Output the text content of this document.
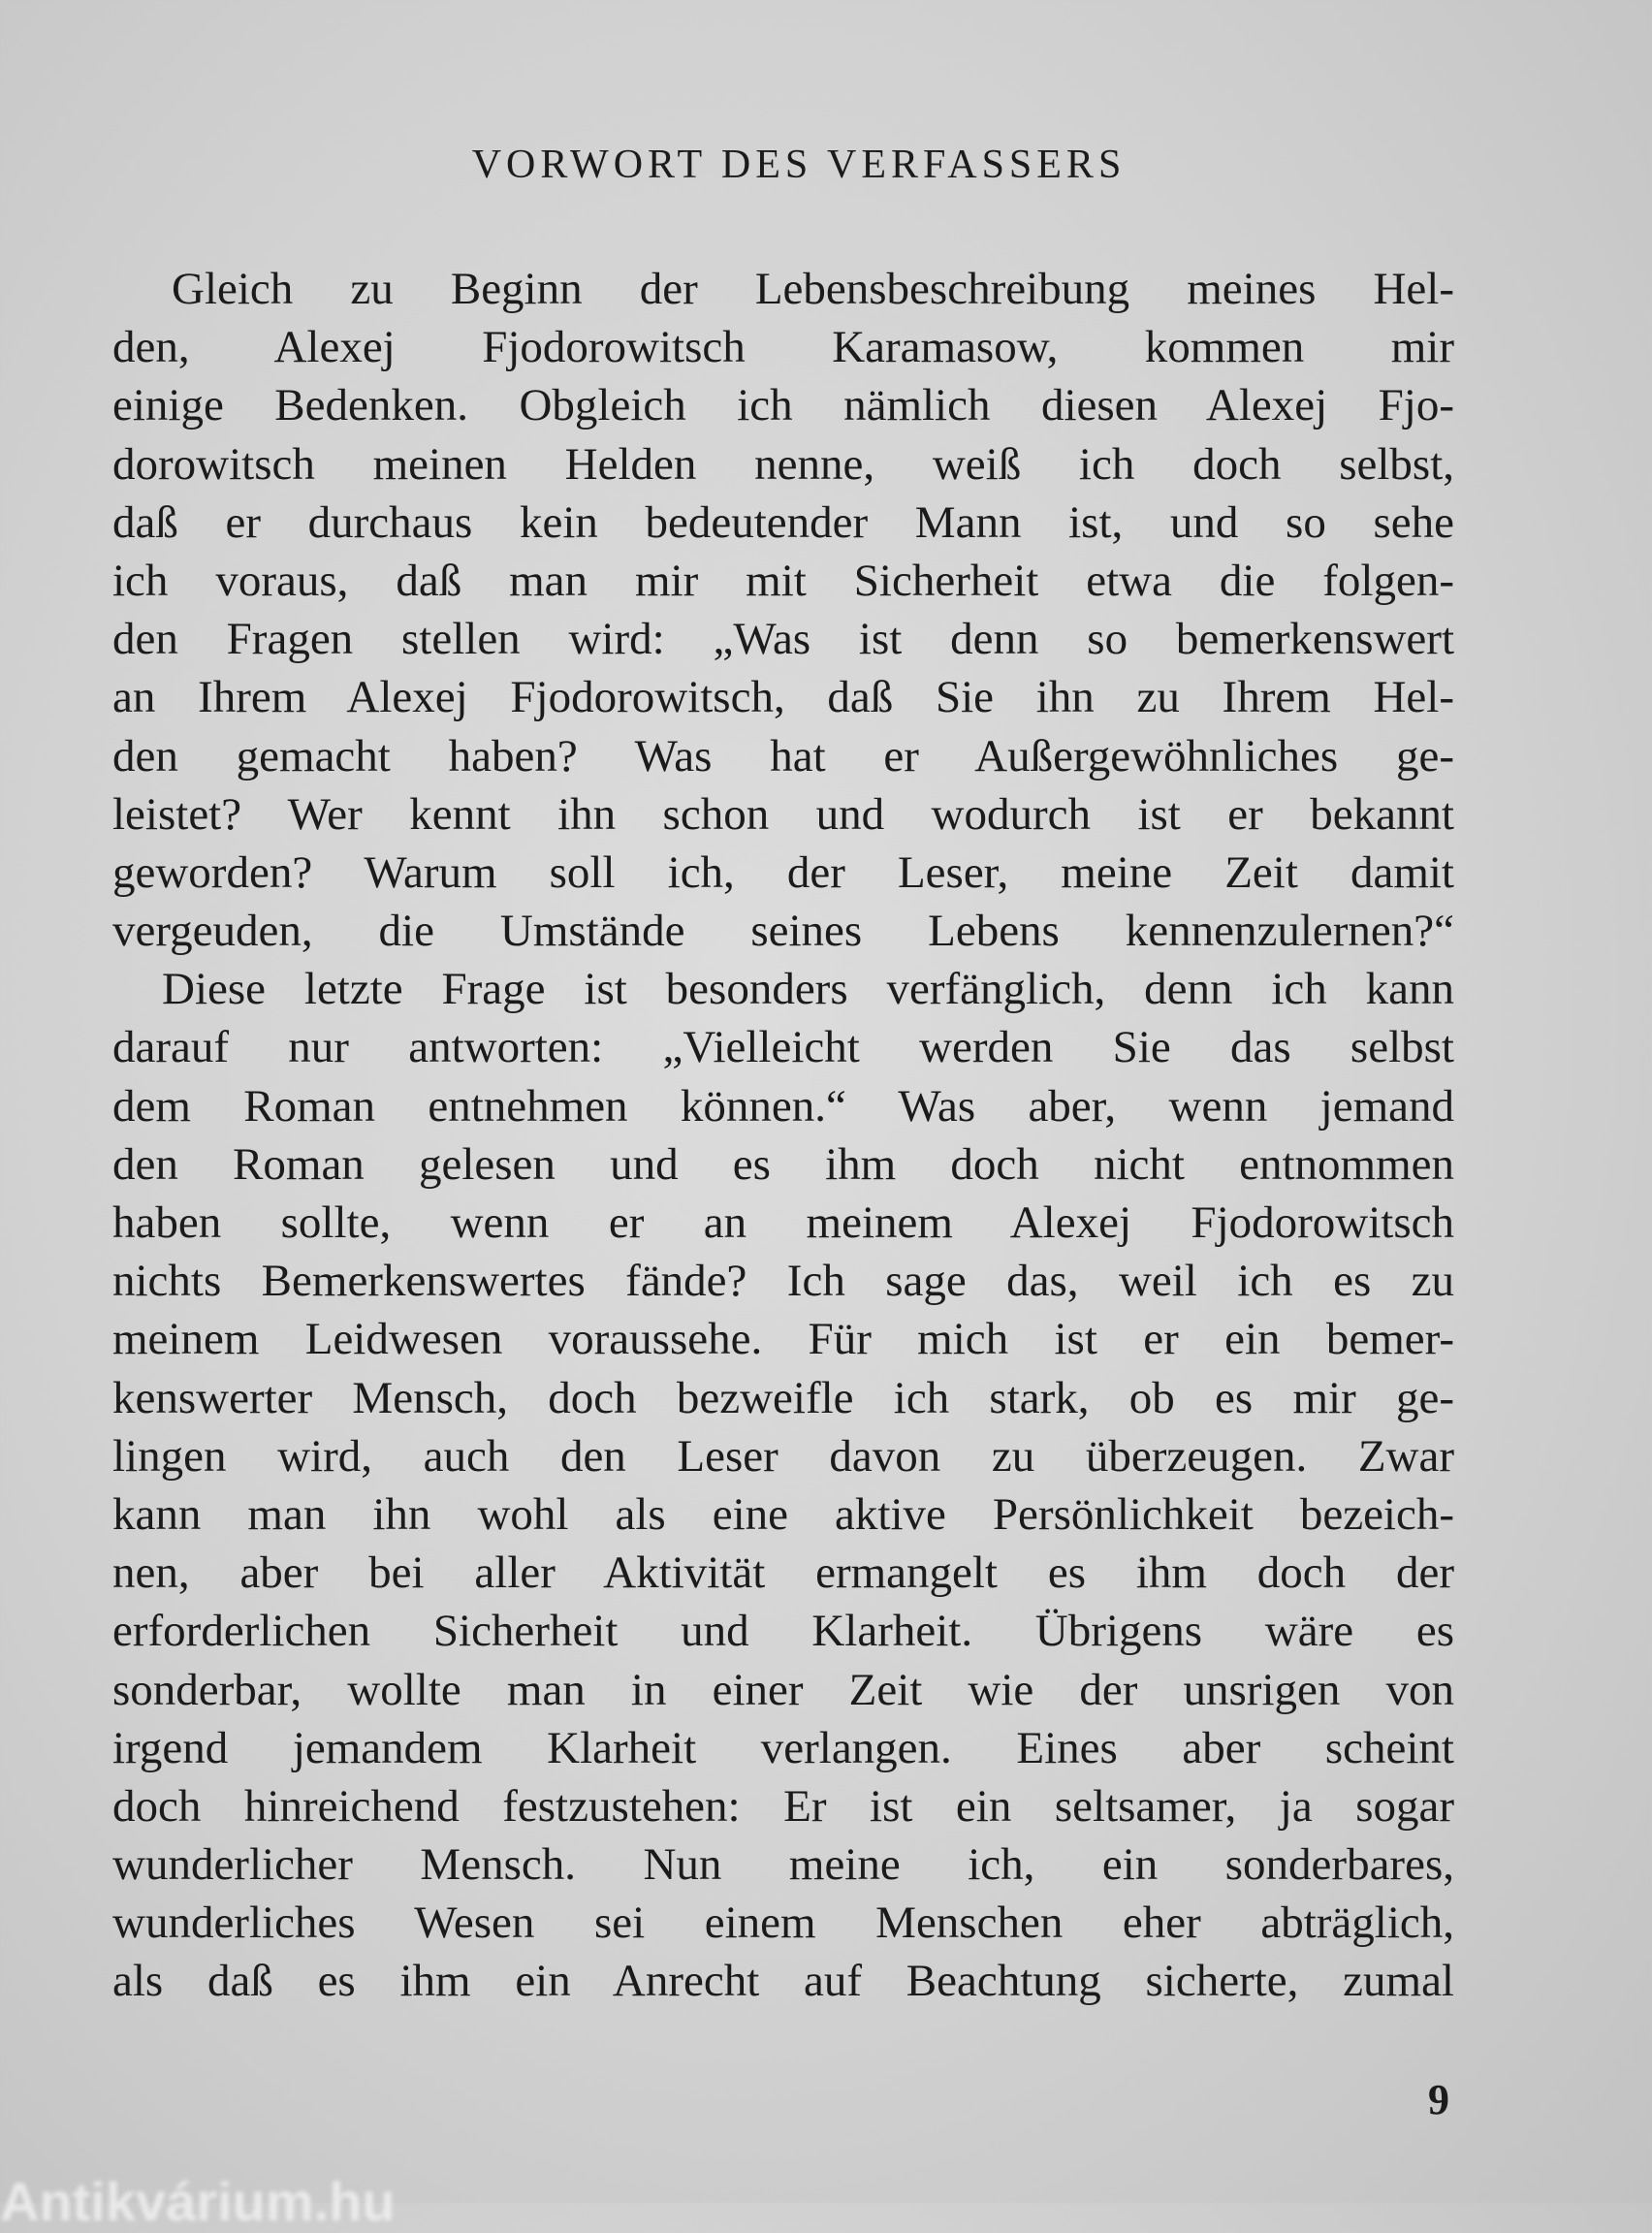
VORWORT DES VERFASSERS
Gleich zu Beginn der Lebensbeschreibung meines Hel-
den, Alexej Fjodorowitsch Karamasow, kommen mir
einige Bedenken. Obgleich ich nämlich diesen Alexej Fjo-
dorowitsch meinen Helden nenne, weiß ich doch selbst,
daß er durchaus kein bedeutender Mann ist, und so sehe
ich voraus, daß man mir mit Sicherheit etwa die folgen-
den Fragen stellen wird: „Was ist denn so bemerkenswert
an Ihrem Alexej Fjodorowitsch, daß Sie ihn zu Ihrem Hel-
den gemacht haben? Was hat er Außergewöhnliches ge-
leistet? Wer kennt ihn schon und wodurch ist er bekannt
geworden? Warum soll ich, der Leser, meine Zeit damit
vergeuden, die Umstände seines Lebens kennenzulernen?“
Diese letzte Frage ist besonders verfänglich, denn ich kann
darauf nur antworten: „Vielleicht werden Sie das selbst
dem Roman entnehmen können.“ Was aber, wenn jemand
den Roman gelesen und es ihm doch nicht entnommen
haben sollte, wenn er an meinem Alexej Fjodorowitsch
nichts Bemerkenswertes fände? Ich sage das, weil ich es zu
meinem Leidwesen voraussehe. Für mich ist er ein bemer-
kenswerter Mensch, doch bezweifle ich stark, ob es mir ge-
lingen wird, auch den Leser davon zu überzeugen. Zwar
kann man ihn wohl als eine aktive Persönlichkeit bezeich-
nen, aber bei aller Aktivität ermangelt es ihm doch der
erforderlichen Sicherheit und Klarheit. Übrigens wäre es
sonderbar, wollte man in einer Zeit wie der unsrigen von
irgend jemandem Klarheit verlangen. Eines aber scheint
doch hinreichend festzustehen: Er ist ein seltsamer, ja sogar
wunderlicher Mensch. Nun meine ich, ein sonderbares,
wunderliches Wesen sei einem Menschen eher abträglich,
als daß es ihm ein Anrecht auf Beachtung sicherte, zumal
9
Antikvárium.hu
